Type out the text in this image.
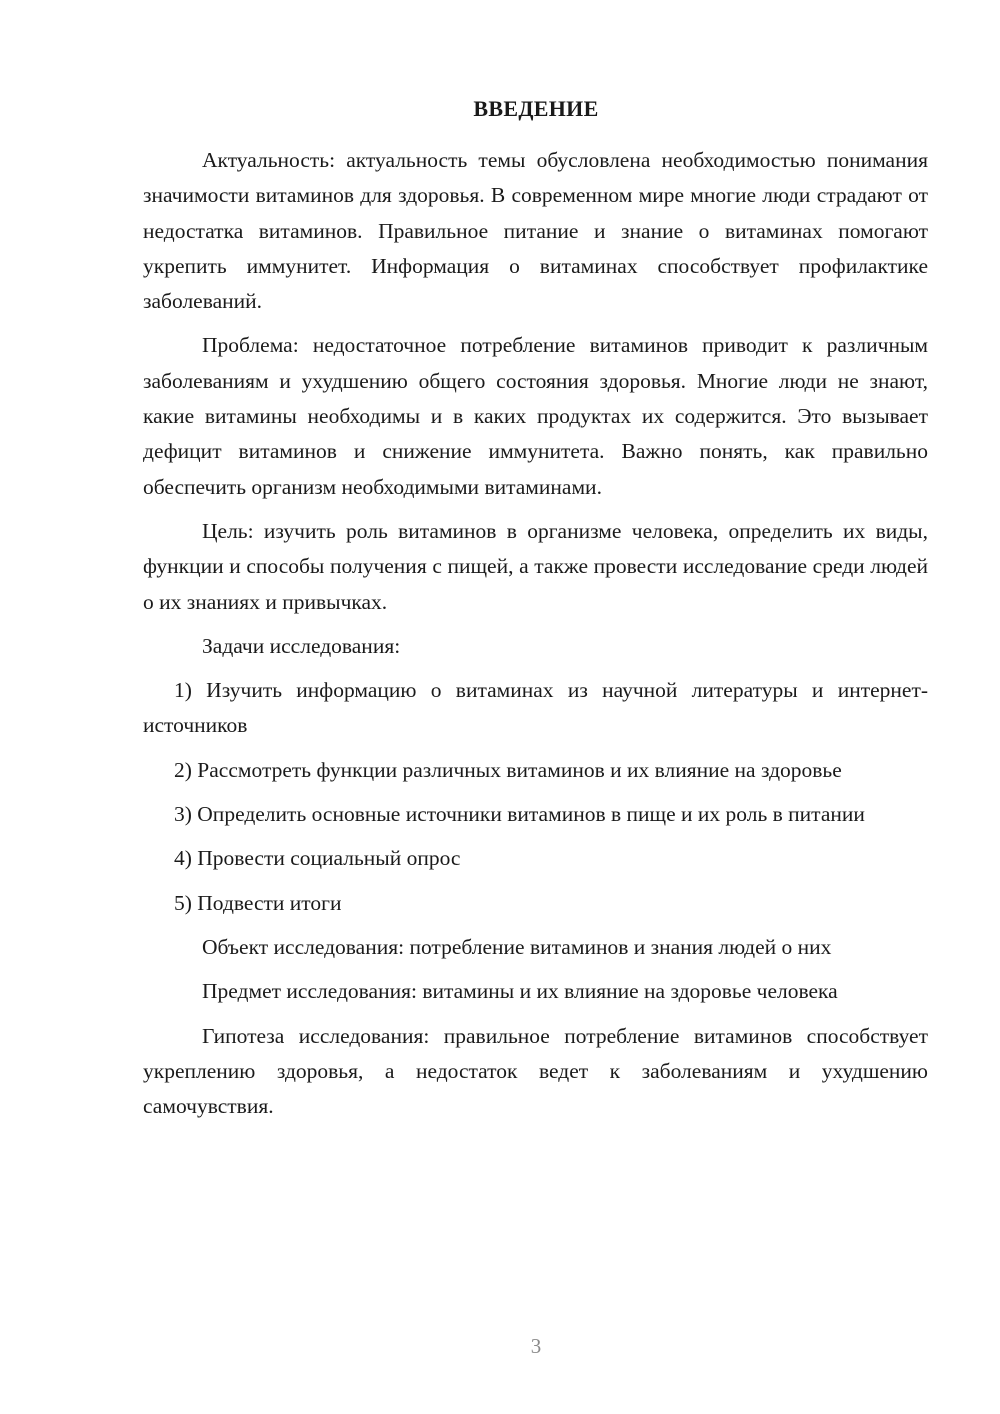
ВВЕДЕНИЕ

Актуальность: актуальность темы обусловлена необходимостью понимания значимости витаминов для здоровья. В современном мире многие люди страдают от недостатка витаминов. Правильное питание и знание о витаминах помогают укрепить иммунитет. Информация о витаминах способствует профилактике заболеваний.

Проблема: недостаточное потребление витаминов приводит к различным заболеваниям и ухудшению общего состояния здоровья. Многие люди не знают, какие витамины необходимы и в каких продуктах их содержится. Это вызывает дефицит витаминов и снижение иммунитета. Важно понять, как правильно обеспечить организм необходимыми витаминами.

Цель: изучить роль витаминов в организме человека, определить их виды, функции и способы получения с пищей, а также провести исследование среди людей о их знаниях и привычках.

Задачи исследования:

1) Изучить информацию о витаминах из научной литературы и интернет-источников

2) Рассмотреть функции различных витаминов и их влияние на здоровье

3) Определить основные источники витаминов в пище и их роль в питании

4) Провести социальный опрос

5) Подвести итоги

Объект исследования: потребление витаминов и знания людей о них

Предмет исследования: витамины и их влияние на здоровье человека

Гипотеза исследования: правильное потребление витаминов способствует укреплению здоровья, а недостаток ведет к заболеваниям и ухудшению самочувствия.

3
